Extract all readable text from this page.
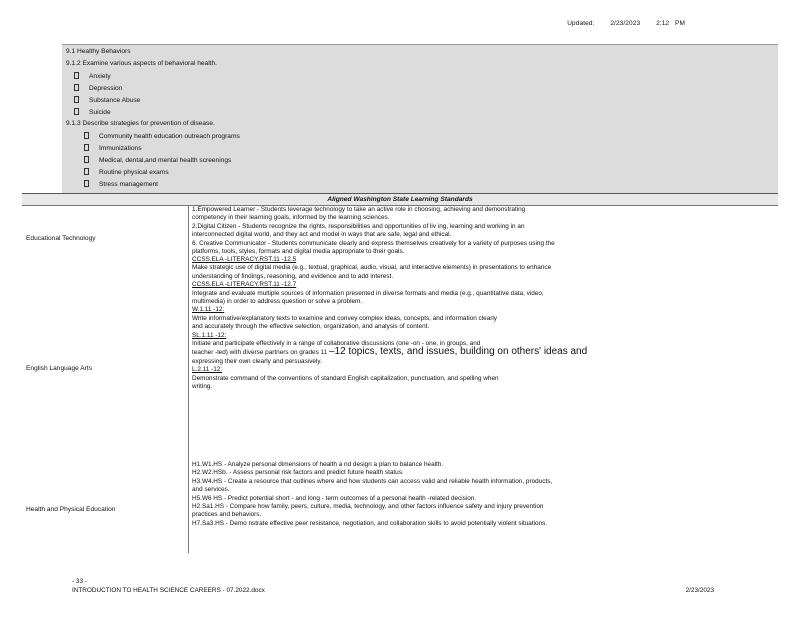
Updated: 2/23/2023 2:12 PM
9.1 Healthy Behaviors
9.1.2 Examine various aspects of behavioral health.
Anxiety
Depression
Substance Abuse
Suicide
9.1.3 Describe strategies for prevention of disease.
Community health education outreach programs
Immunizations
Medical, dental,and mental health screenings
Routine physical exams
Stress management
Aligned Washington State Learning Standards
Educational Technology

1.Empowered Learner - Students leverage technology to take an active role in choosing, achieving and demonstrating

competency in their learning goals, informed by the learning sciences.

2.Digital Citizen - Students recognize the rights, responsibilities and opportunities of liv ing, learning and working in an

interconnected digital world, and they act and model in ways that are safe, legal and ethical.

6. Creative Communicator - Students communicate clearly and express themselves creatively for a variety of purposes using the

platforms, tools, styles, formats and digital media appropriate to their goals.

English Language Arts

CCSS.ELA -LITERACY.RST.11 -12.5

Make strategic use of digital media (e.g., textual, graphical, audio, visual, and interactive elements) in presentations to enhance

understanding of findings, reasoning, and evidence and to add interest.

CCSS.ELA -LITERACY.RST.11 -12.7

Integrate and evaluate multiple sources of information presented in diverse formats and media (e.g., quantitative data, video,

multimedia) in order to address question or solve a problem.

W.1.11 -12:

Write informative/explanatory texts to examine and convey complex ideas, concepts, and information clearly

and accurately through the effective selection, organization, and analysis of content.

SL.1.11 -12:

Initiate and participate effectively in a range of collaborative discussions (one -on - one, in groups, and

teacher -led) with diverse partners on grades 11 –12 topics, texts, and issues, building on others' ideas and

expressing their own clearly and persuasively.

L.2.11 -12:

Demonstrate command of the conventions of standard English capitalization, punctuation, and spelling when

writing.

Health and Physical Education

H1.W1.HS - Analyze personal dimensions of health a nd design a plan to balance health.

H2.W2.HSb. - Assess personal risk factors and predict future health status.

H3.W4.HS - Create a resource that outlines where and how students can access valid and reliable health information, products,

and services.

H5.W6 HS - Predict potential short - and long - term outcomes of a personal health -related decision.

H2.Sa1.HS - Compare how family, peers, culture, media, technology, and other factors influence safety and injury prevention

practices and behaviors.

H7.Sa3.HS - Demo nstrate effective peer resistance, negotiation, and collaboration skills to avoid potentially violent situations.

- 33 -
INTRODUCTION TO HEALTH SCIENCE CAREERS - 07.2022.docx	2/23/2023
